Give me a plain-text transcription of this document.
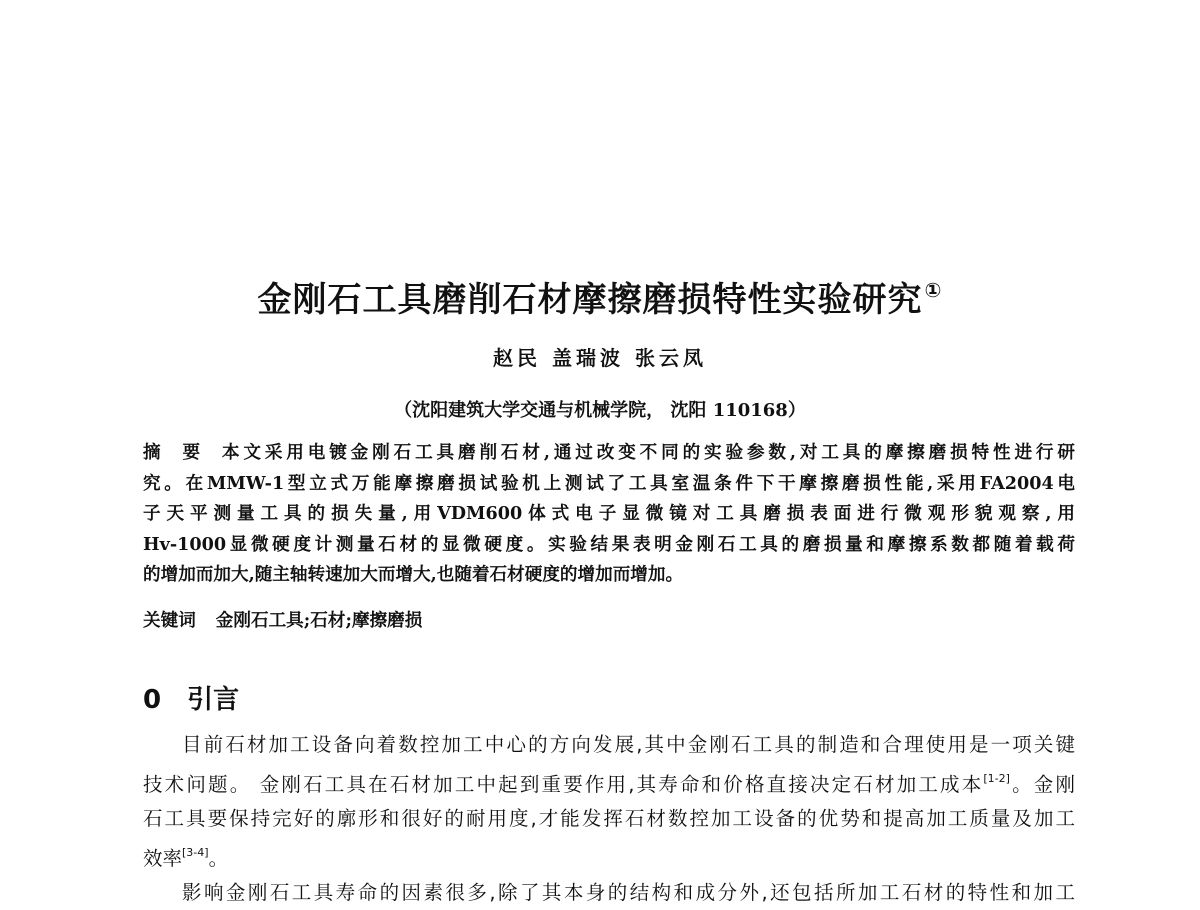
金刚石工具磨削石材摩擦磨损特性实验研究 ①
赵民 盖瑞波 张云凤
（沈阳建筑大学交通与机械学院， 沈阳 110168）
摘 要 本文采用电镀金刚石工具磨削石材,通过改变不同的实验参数,对工具的摩擦磨损特性进行研
究。在MMW-1型立式万能摩擦磨损试验机上测试了工具室温条件下干摩擦磨损性能,采用FA2004电
子天平测量工具的损失量,用VDM600体式电子显微镜对工具磨损表面进行微观形貌观察,用
Hv-1000显微硬度计测量石材的显微硬度。实验结果表明金刚石工具的磨损量和摩擦系数都随着载荷
的增加而加大,随主轴转速加大而增大,也随着石材硬度的增加而增加。
关键词 金刚石工具;石材;摩擦磨损
0 引言
目前石材加工设备向着数控加工中心的方向发展,其中金刚石工具的制造和合理使用是一项关键
技术问题。 金刚石工具在石材加工中起到重要作用,其寿命和价格直接决定石材加工成本[1-2]。金刚
石工具要保持完好的廓形和很好的耐用度,才能发挥石材数控加工设备的优势和提高加工质量及加工
效率[3-4]。
影响金刚石工具寿命的因素很多,除了其本身的结构和成分外,还包括所加工石材的特性和加工
